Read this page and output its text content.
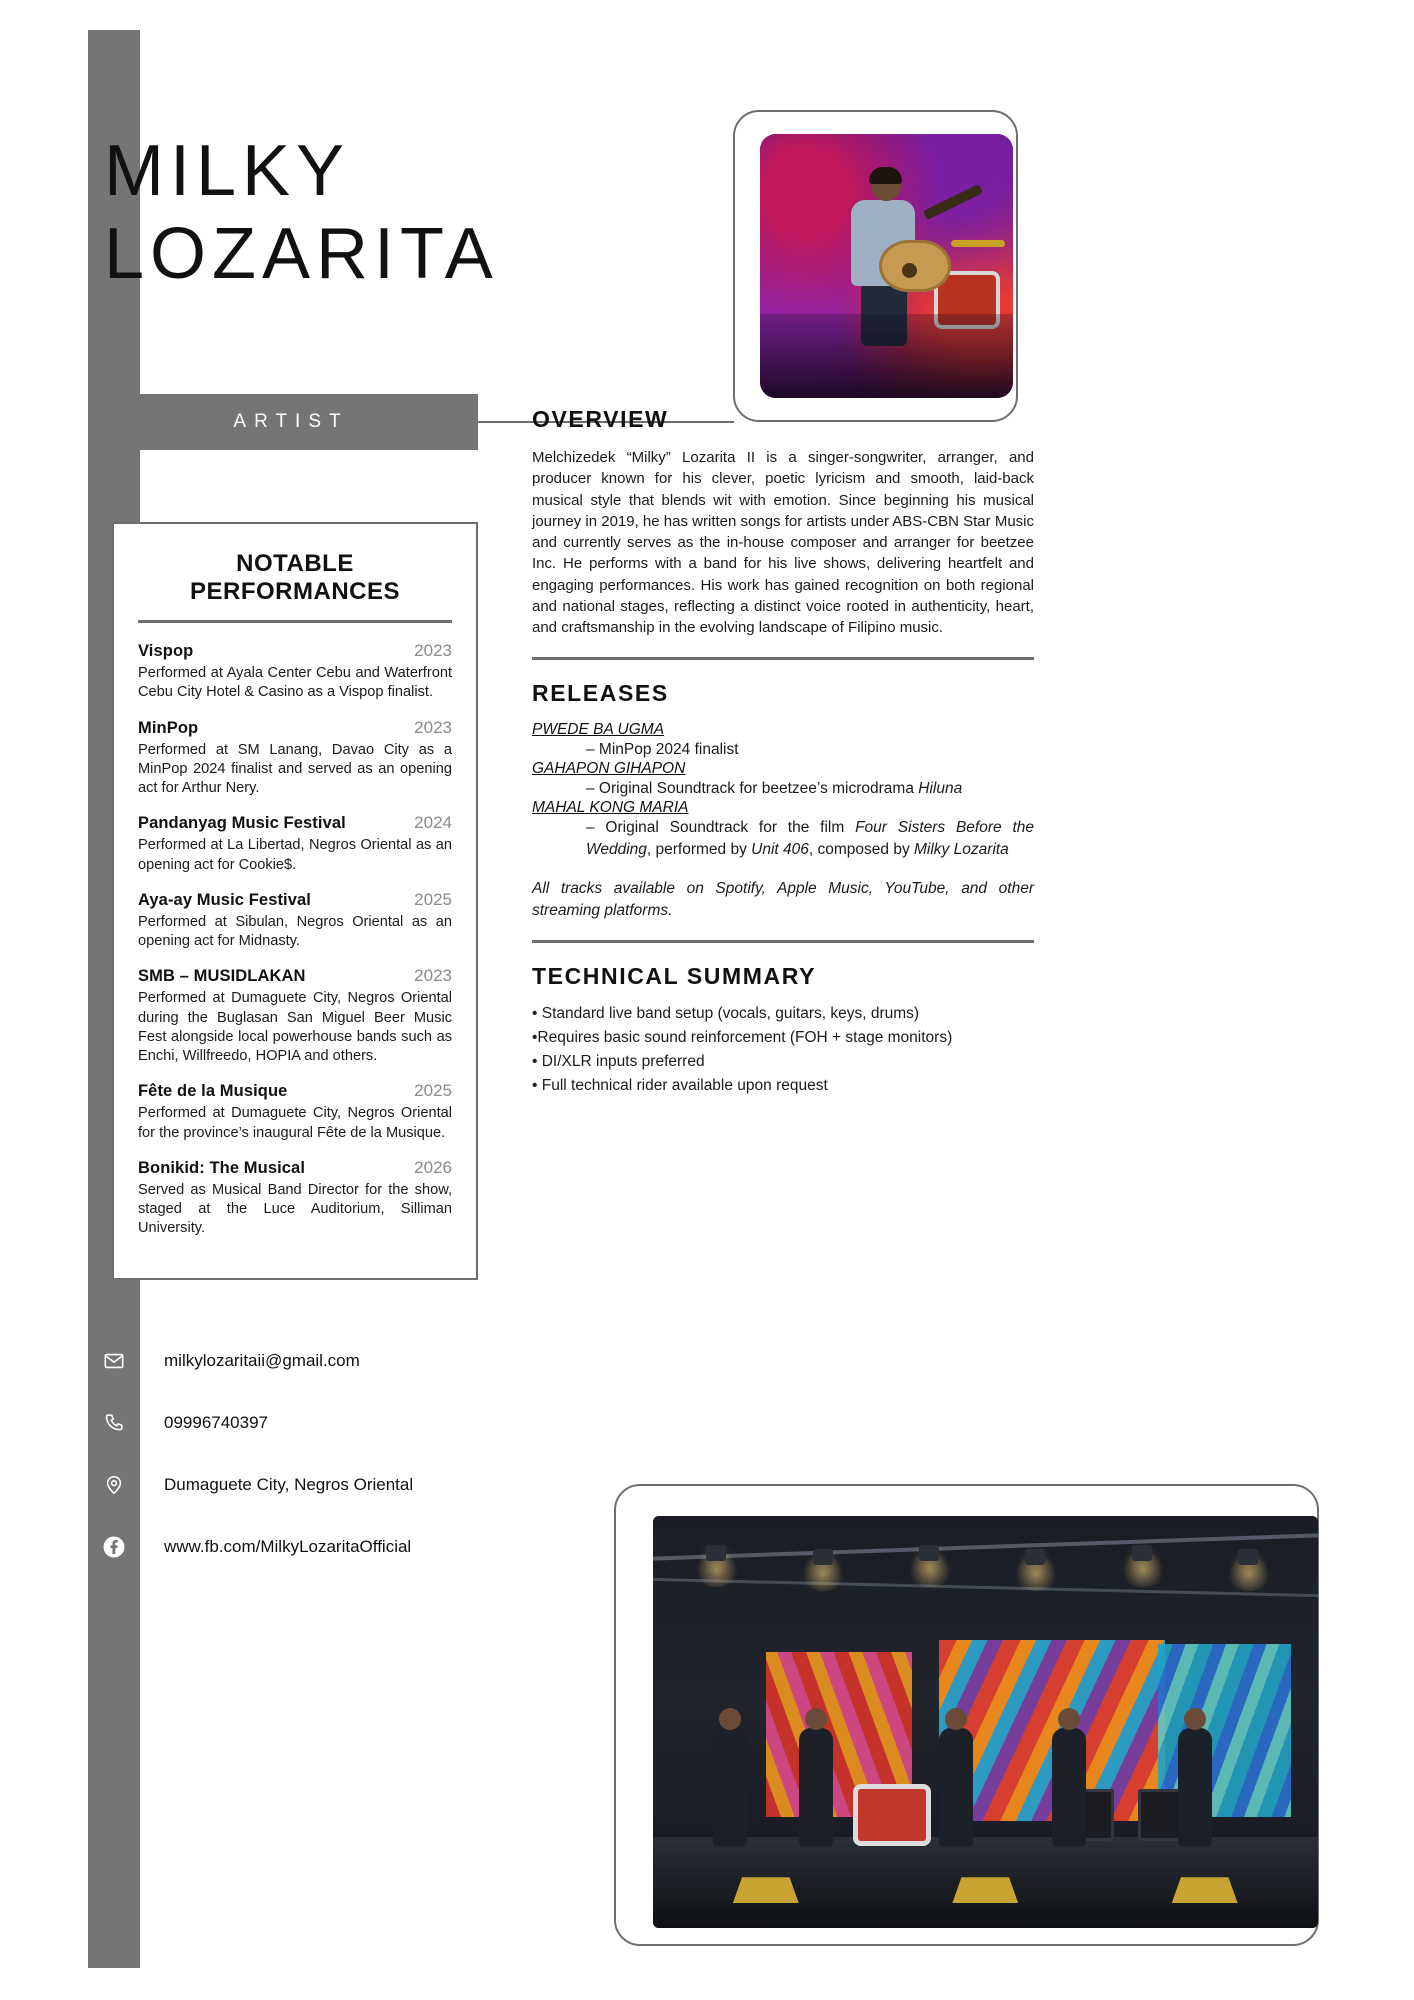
MILKY
LOZARITA
ARTIST
NOTABLE PERFORMANCES
Vispop	2023
Performed at Ayala Center Cebu and Waterfront Cebu City Hotel & Casino as a Vispop finalist.
MinPop	2023
Performed at SM Lanang, Davao City as a MinPop 2024 finalist and served as an opening act for Arthur Nery.
Pandanyag Music Festival	2024
Performed at La Libertad, Negros Oriental as an opening act for Cookie$.
Aya-ay Music Festival	2025
Performed at Sibulan, Negros Oriental as an opening act for Midnasty.
SMB – MUSIDLAKAN	2023
Performed at Dumaguete City, Negros Oriental during the Buglasan San Miguel Beer Music Fest alongside local powerhouse bands such as Enchi, Willfreedo, HOPIA and others.
Fête de la Musique	2025
Performed at Dumaguete City, Negros Oriental for the province’s inaugural Fête de la Musique.
Bonikid: The Musical	2026
Served as Musical Band Director for the show, staged at the Luce Auditorium, Silliman University.
milkylozaritaii@gmail.com
09996740397
Dumaguete City, Negros Oriental
www.fb.com/MilkyLozaritaOfficial
OVERVIEW
Melchizedek “Milky” Lozarita II is a singer-songwriter, arranger, and producer known for his clever, poetic lyricism and smooth, laid-back musical style that blends wit with emotion. Since beginning his musical journey in 2019, he has written songs for artists under ABS-CBN Star Music and currently serves as the in-house composer and arranger for beetzee Inc. He performs with a band for his live shows, delivering heartfelt and engaging performances. His work has gained recognition on both regional and national stages, reflecting a distinct voice rooted in authenticity, heart, and craftsmanship in the evolving landscape of Filipino music.
RELEASES
PWEDE BA UGMA
– MinPop 2024 finalist
GAHAPON GIHAPON
– Original Soundtrack for beetzee’s microdrama Hiluna
MAHAL KONG MARIA
– Original Soundtrack for the film Four Sisters Before the Wedding, performed by Unit 406, composed by Milky Lozarita
All tracks available on Spotify, Apple Music, YouTube, and other streaming platforms.
TECHNICAL SUMMARY
• Standard live band setup (vocals, guitars, keys, drums)
•Requires basic sound reinforcement (FOH + stage monitors)
• DI/XLR inputs preferred
• Full technical rider available upon request
